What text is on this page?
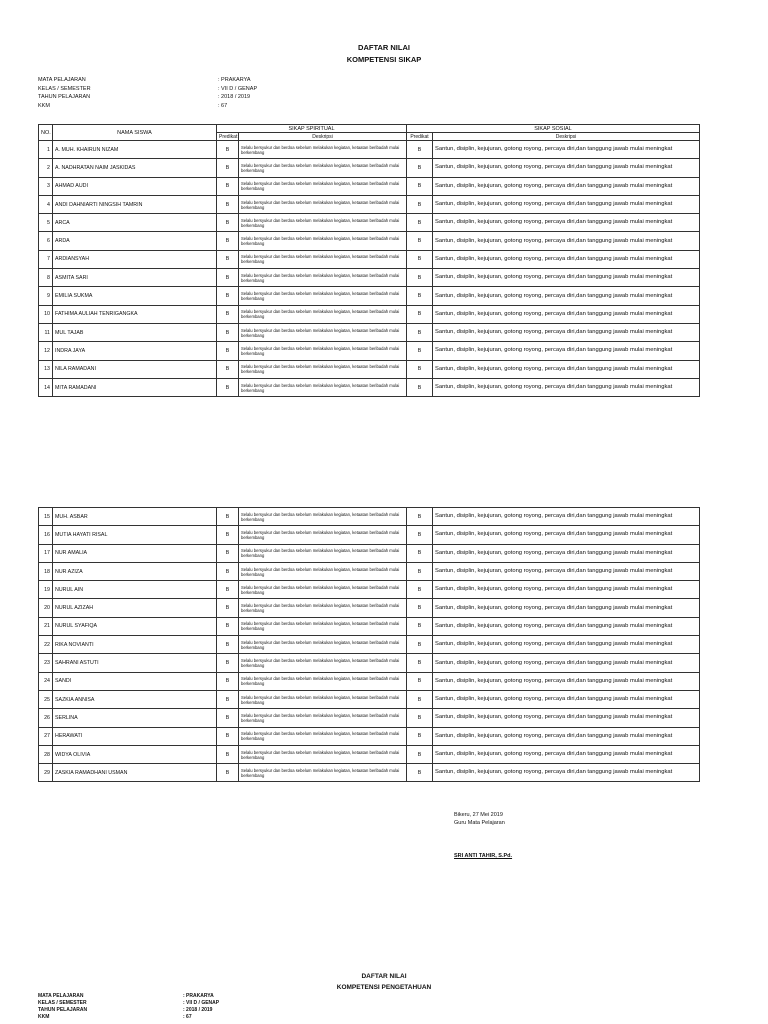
DAFTAR NILAI
KOMPETENSI SIKAP
MATA PELAJARAN	: PRAKARYA
KELAS / SEMESTER	: VII D / GENAP
TAHUN PELAJARAN	: 2018 / 2019
KKM	: 67
NO.	NAMA SISWA	SIKAP SPIRITUAL		SIKAP SOSIAL	
		Predikat	Deskripsi	Predikat	Deskripsi
1	A. MUH. KHAIRUN NIZAM	B	Selalu bersyukur dan berdoa sebelum melakukan kegiatan, ketaatan beribadah mulai berkembang	B	Santun, disiplin, kejujuran, gotong royong, percaya diri,dan tanggung jawab mulai meningkat
2	A. NADHRATAN NAIM JASKIDAS	B	Selalu bersyukur dan berdoa sebelum melakukan kegiatan, ketaatan beribadah mulai berkembang	B	Santun, disiplin, kejujuran, gotong royong, percaya diri,dan tanggung jawab mulai meningkat
3	AHMAD AUDI	B	Selalu bersyukur dan berdoa sebelum melakukan kegiatan, ketaatan beribadah mulai berkembang	B	Santun, disiplin, kejujuran, gotong royong, percaya diri,dan tanggung jawab mulai meningkat
4	ANDI DAHNIARTI NINGSIH TAMRIN	B	Selalu bersyukur dan berdoa sebelum melakukan kegiatan, ketaatan beribadah mulai berkembang	B	Santun, disiplin, kejujuran, gotong royong, percaya diri,dan tanggung jawab mulai meningkat
5	ARCA	B	Selalu bersyukur dan berdoa sebelum melakukan kegiatan, ketaatan beribadah mulai berkembang	B	Santun, disiplin, kejujuran, gotong royong, percaya diri,dan tanggung jawab mulai meningkat
6	ARDA	B	Selalu bersyukur dan berdoa sebelum melakukan kegiatan, ketaatan beribadah mulai berkembang	B	Santun, disiplin, kejujuran, gotong royong, percaya diri,dan tanggung jawab mulai meningkat
7	ARDIANSYAH	B	Selalu bersyukur dan berdoa sebelum melakukan kegiatan, ketaatan beribadah mulai berkembang	B	Santun, disiplin, kejujuran, gotong royong, percaya diri,dan tanggung jawab mulai meningkat
8	ASMITA SARI	B	Selalu bersyukur dan berdoa sebelum melakukan kegiatan, ketaatan beribadah mulai berkembang	B	Santun, disiplin, kejujuran, gotong royong, percaya diri,dan tanggung jawab mulai meningkat
9	EMILIA SUKMA	B	Selalu bersyukur dan berdoa sebelum melakukan kegiatan, ketaatan beribadah mulai berkembang	B	Santun, disiplin, kejujuran, gotong royong, percaya diri,dan tanggung jawab mulai meningkat
10	FATHIMA AULIAH TENRIGANGKA	B	Selalu bersyukur dan berdoa sebelum melakukan kegiatan, ketaatan beribadah mulai berkembang	B	Santun, disiplin, kejujuran, gotong royong, percaya diri,dan tanggung jawab mulai meningkat
11	MUL TAJAB	B	Selalu bersyukur dan berdoa sebelum melakukan kegiatan, ketaatan beribadah mulai berkembang	B	Santun, disiplin, kejujuran, gotong royong, percaya diri,dan tanggung jawab mulai meningkat
12	INDRA JAYA	B	Selalu bersyukur dan berdoa sebelum melakukan kegiatan, ketaatan beribadah mulai berkembang	B	Santun, disiplin, kejujuran, gotong royong, percaya diri,dan tanggung jawab mulai meningkat
13	NILA RAMADANI	B	Selalu bersyukur dan berdoa sebelum melakukan kegiatan, ketaatan beribadah mulai berkembang	B	Santun, disiplin, kejujuran, gotong royong, percaya diri,dan tanggung jawab mulai meningkat
14	MITA RAMADANI	B	Selalu bersyukur dan berdoa sebelum melakukan kegiatan, ketaatan beribadah mulai berkembang	B	Santun, disiplin, kejujuran, gotong royong, percaya diri,dan tanggung jawab mulai meningkat
15	MUH. ASBAR	B	Selalu bersyukur dan berdoa sebelum melakukan kegiatan, ketaatan beribadah mulai berkembang	B	Santun, disiplin, kejujuran, gotong royong, percaya diri,dan tanggung jawab mulai meningkat
16	MUTIA HAYATI RISAL	B	Selalu bersyukur dan berdoa sebelum melakukan kegiatan, ketaatan beribadah mulai berkembang	B	Santun, disiplin, kejujuran, gotong royong, percaya diri,dan tanggung jawab mulai meningkat
17	NUR AMALIA	B	Selalu bersyukur dan berdoa sebelum melakukan kegiatan, ketaatan beribadah mulai berkembang	B	Santun, disiplin, kejujuran, gotong royong, percaya diri,dan tanggung jawab mulai meningkat
18	NUR AZIZA	B	Selalu bersyukur dan berdoa sebelum melakukan kegiatan, ketaatan beribadah mulai berkembang	B	Santun, disiplin, kejujuran, gotong royong, percaya diri,dan tanggung jawab mulai meningkat
19	NURUL AIN	B	Selalu bersyukur dan berdoa sebelum melakukan kegiatan, ketaatan beribadah mulai berkembang	B	Santun, disiplin, kejujuran, gotong royong, percaya diri,dan tanggung jawab mulai meningkat
20	NURUL AZIZAH	B	Selalu bersyukur dan berdoa sebelum melakukan kegiatan, ketaatan beribadah mulai berkembang	B	Santun, disiplin, kejujuran, gotong royong, percaya diri,dan tanggung jawab mulai meningkat
21	NURUL SYAFIQA	B	Selalu bersyukur dan berdoa sebelum melakukan kegiatan, ketaatan beribadah mulai berkembang	B	Santun, disiplin, kejujuran, gotong royong, percaya diri,dan tanggung jawab mulai meningkat
22	RIKA NOVIANTI	B	Selalu bersyukur dan berdoa sebelum melakukan kegiatan, ketaatan beribadah mulai berkembang	B	Santun, disiplin, kejujuran, gotong royong, percaya diri,dan tanggung jawab mulai meningkat
23	SAHRANI ASTUTI	B	Selalu bersyukur dan berdoa sebelum melakukan kegiatan, ketaatan beribadah mulai berkembang	B	Santun, disiplin, kejujuran, gotong royong, percaya diri,dan tanggung jawab mulai meningkat
24	SANDI	B	Selalu bersyukur dan berdoa sebelum melakukan kegiatan, ketaatan beribadah mulai berkembang	B	Santun, disiplin, kejujuran, gotong royong, percaya diri,dan tanggung jawab mulai meningkat
25	SAZKIA ANNISA	B	Selalu bersyukur dan berdoa sebelum melakukan kegiatan, ketaatan beribadah mulai berkembang	B	Santun, disiplin, kejujuran, gotong royong, percaya diri,dan tanggung jawab mulai meningkat
26	SERLINA	B	Selalu bersyukur dan berdoa sebelum melakukan kegiatan, ketaatan beribadah mulai berkembang	B	Santun, disiplin, kejujuran, gotong royong, percaya diri,dan tanggung jawab mulai meningkat
27	HERAWATI	B	Selalu bersyukur dan berdoa sebelum melakukan kegiatan, ketaatan beribadah mulai berkembang	B	Santun, disiplin, kejujuran, gotong royong, percaya diri,dan tanggung jawab mulai meningkat
28	WIDYA OLIVIA	B	Selalu bersyukur dan berdoa sebelum melakukan kegiatan, ketaatan beribadah mulai berkembang	B	Santun, disiplin, kejujuran, gotong royong, percaya diri,dan tanggung jawab mulai meningkat
29	ZASKIA RAMADHANI USMAN	B	Selalu bersyukur dan berdoa sebelum melakukan kegiatan, ketaatan beribadah mulai berkembang	B	Santun, disiplin, kejujuran, gotong royong, percaya diri,dan tanggung jawab mulai meningkat
Bikeru, 27 Mei 2019
Guru Mata Pelajaran
SRI ANTI TAHIR, S.Pd.
DAFTAR NILAI
KOMPETENSI PENGETAHUAN
MATA PELAJARAN	: PRAKARYA
KELAS / SEMESTER	: VII D / GENAP
TAHUN PELAJARAN	: 2018 / 2019
KKM	: 67
